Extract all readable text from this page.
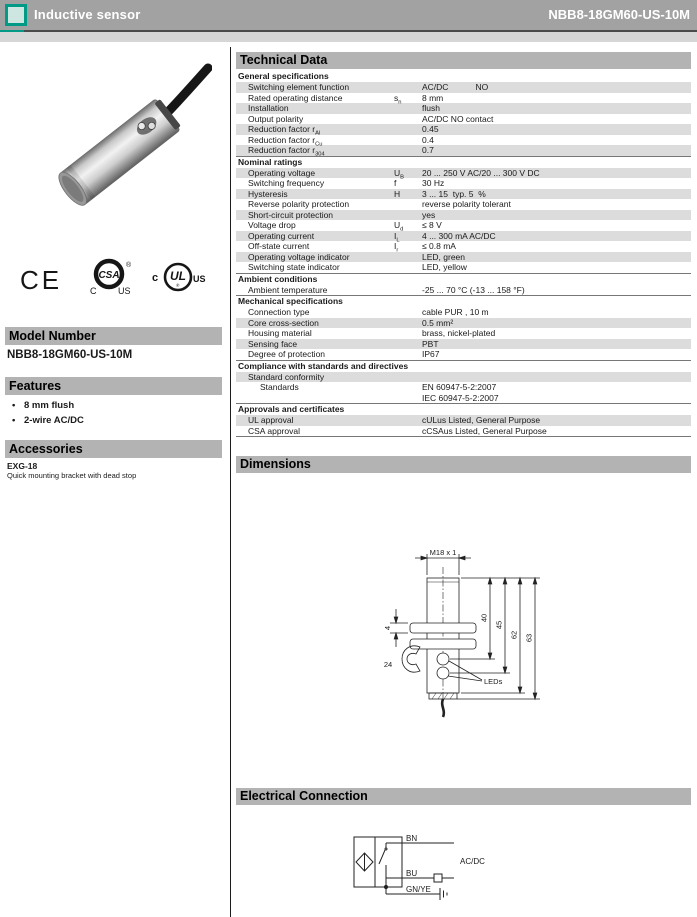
Inductive sensor	NBB8-18GM60-US-10M
CE	CSA
®
C US
c UL
®
US
Model Number
NBB8-18GM60-US-10M
Features
• 8 mm flush
• 2-wire AC/DC
Accessories
EXG-18
Quick mounting bracket with dead stop
Technical Data
General specifications
Switching element function	AC/DC	NO
Rated operating distance	$s_n$	8 mm
Installation	flush
Output polarity	AC/DC NO contact
Reduction factor $r_{Al}$	0.45
Reduction factor $r_{Cu}$	0.4
Reduction factor $r_{304}$	0.7
Nominal ratings
Operating voltage	$U_B$	20 ... 250 V AC/20 ... 300 V DC
Switching frequency	f	30 Hz
Hysteresis	H	3 ... 15  typ. 5  %
Reverse polarity protection	reverse polarity tolerant
Short-circuit protection	yes
Voltage drop	$U_d$	≤ 8 V
Operating current	$I_L$	4 ... 300 mA AC/DC
Off-state current	$I_r$	≤ 0.8 mA
Operating voltage indicator	LED, green
Switching state indicator	LED, yellow
Ambient conditions
Ambient temperature	-25 ... 70 °C (-13 ... 158 °F)
Mechanical specifications
Connection type	cable PUR , 10 m
Core cross-section	0.5 mm²
Housing material	brass, nickel-plated
Sensing face	PBT
Degree of protection	IP67
Compliance with standards and directives
Standard conformity
Standards	EN 60947-5-2:2007
IEC 60947-5-2:2007
Approvals and certificates
UL approval	cULus Listed, General Purpose
CSA approval	cCSAus Listed, General Purpose
Dimensions
M18 x 1
40
45
62 63
4
24
LEDs
Electrical Connection
BN
BU
GN/YE
AC/DC
